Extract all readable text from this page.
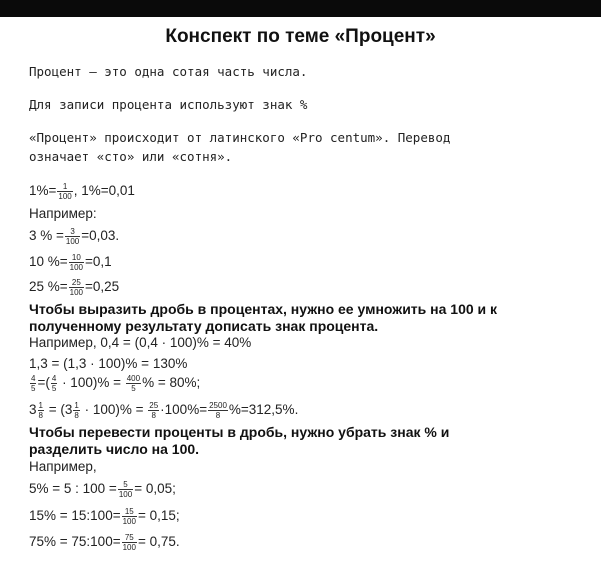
Конспект по теме «Процент»
Процент – это одна сотая часть числа.
Для записи процента используют знак %
«Процент» происходит от латинского «Pro centum». Перевод
означает «сто» или «сотня».
$1\%= \frac{1}{100}$ , 1%=0,01
Например:
3 % = $\frac{3}{100} =0,03$.
10 %= $\frac{10}{100} =0,1$
25 %= $\frac{25}{100} =0,25$
Чтобы выразить дробь в процентах, нужно ее умножить на 100 и к
полученному результату дописать знак процента.
Например, 0,4 = (0,4 · 100)% = 40%
1,3 = (1,3 · 100)% = 130%
$\frac{4}{5}$ =( $\frac{4}{5} \cdot 100)\% = \frac{400}{5}$ % = 80%;
$3 \frac{1}{8} = (3 \frac{1}{8} \cdot 100)\% = \frac{25}{8} \cdot 100\%= \frac{2500}{8} \%=312,5\%$.
Чтобы перевести проценты в дробь, нужно убрать знак % и
разделить число на 100.
Например,
5% = 5 : $100 = \frac{5}{100} = 0,05$;
15% = 15:100= $\frac{15}{100} = 0,15$;
75% = 75:100= $\frac{75}{100} = 0,75$.
